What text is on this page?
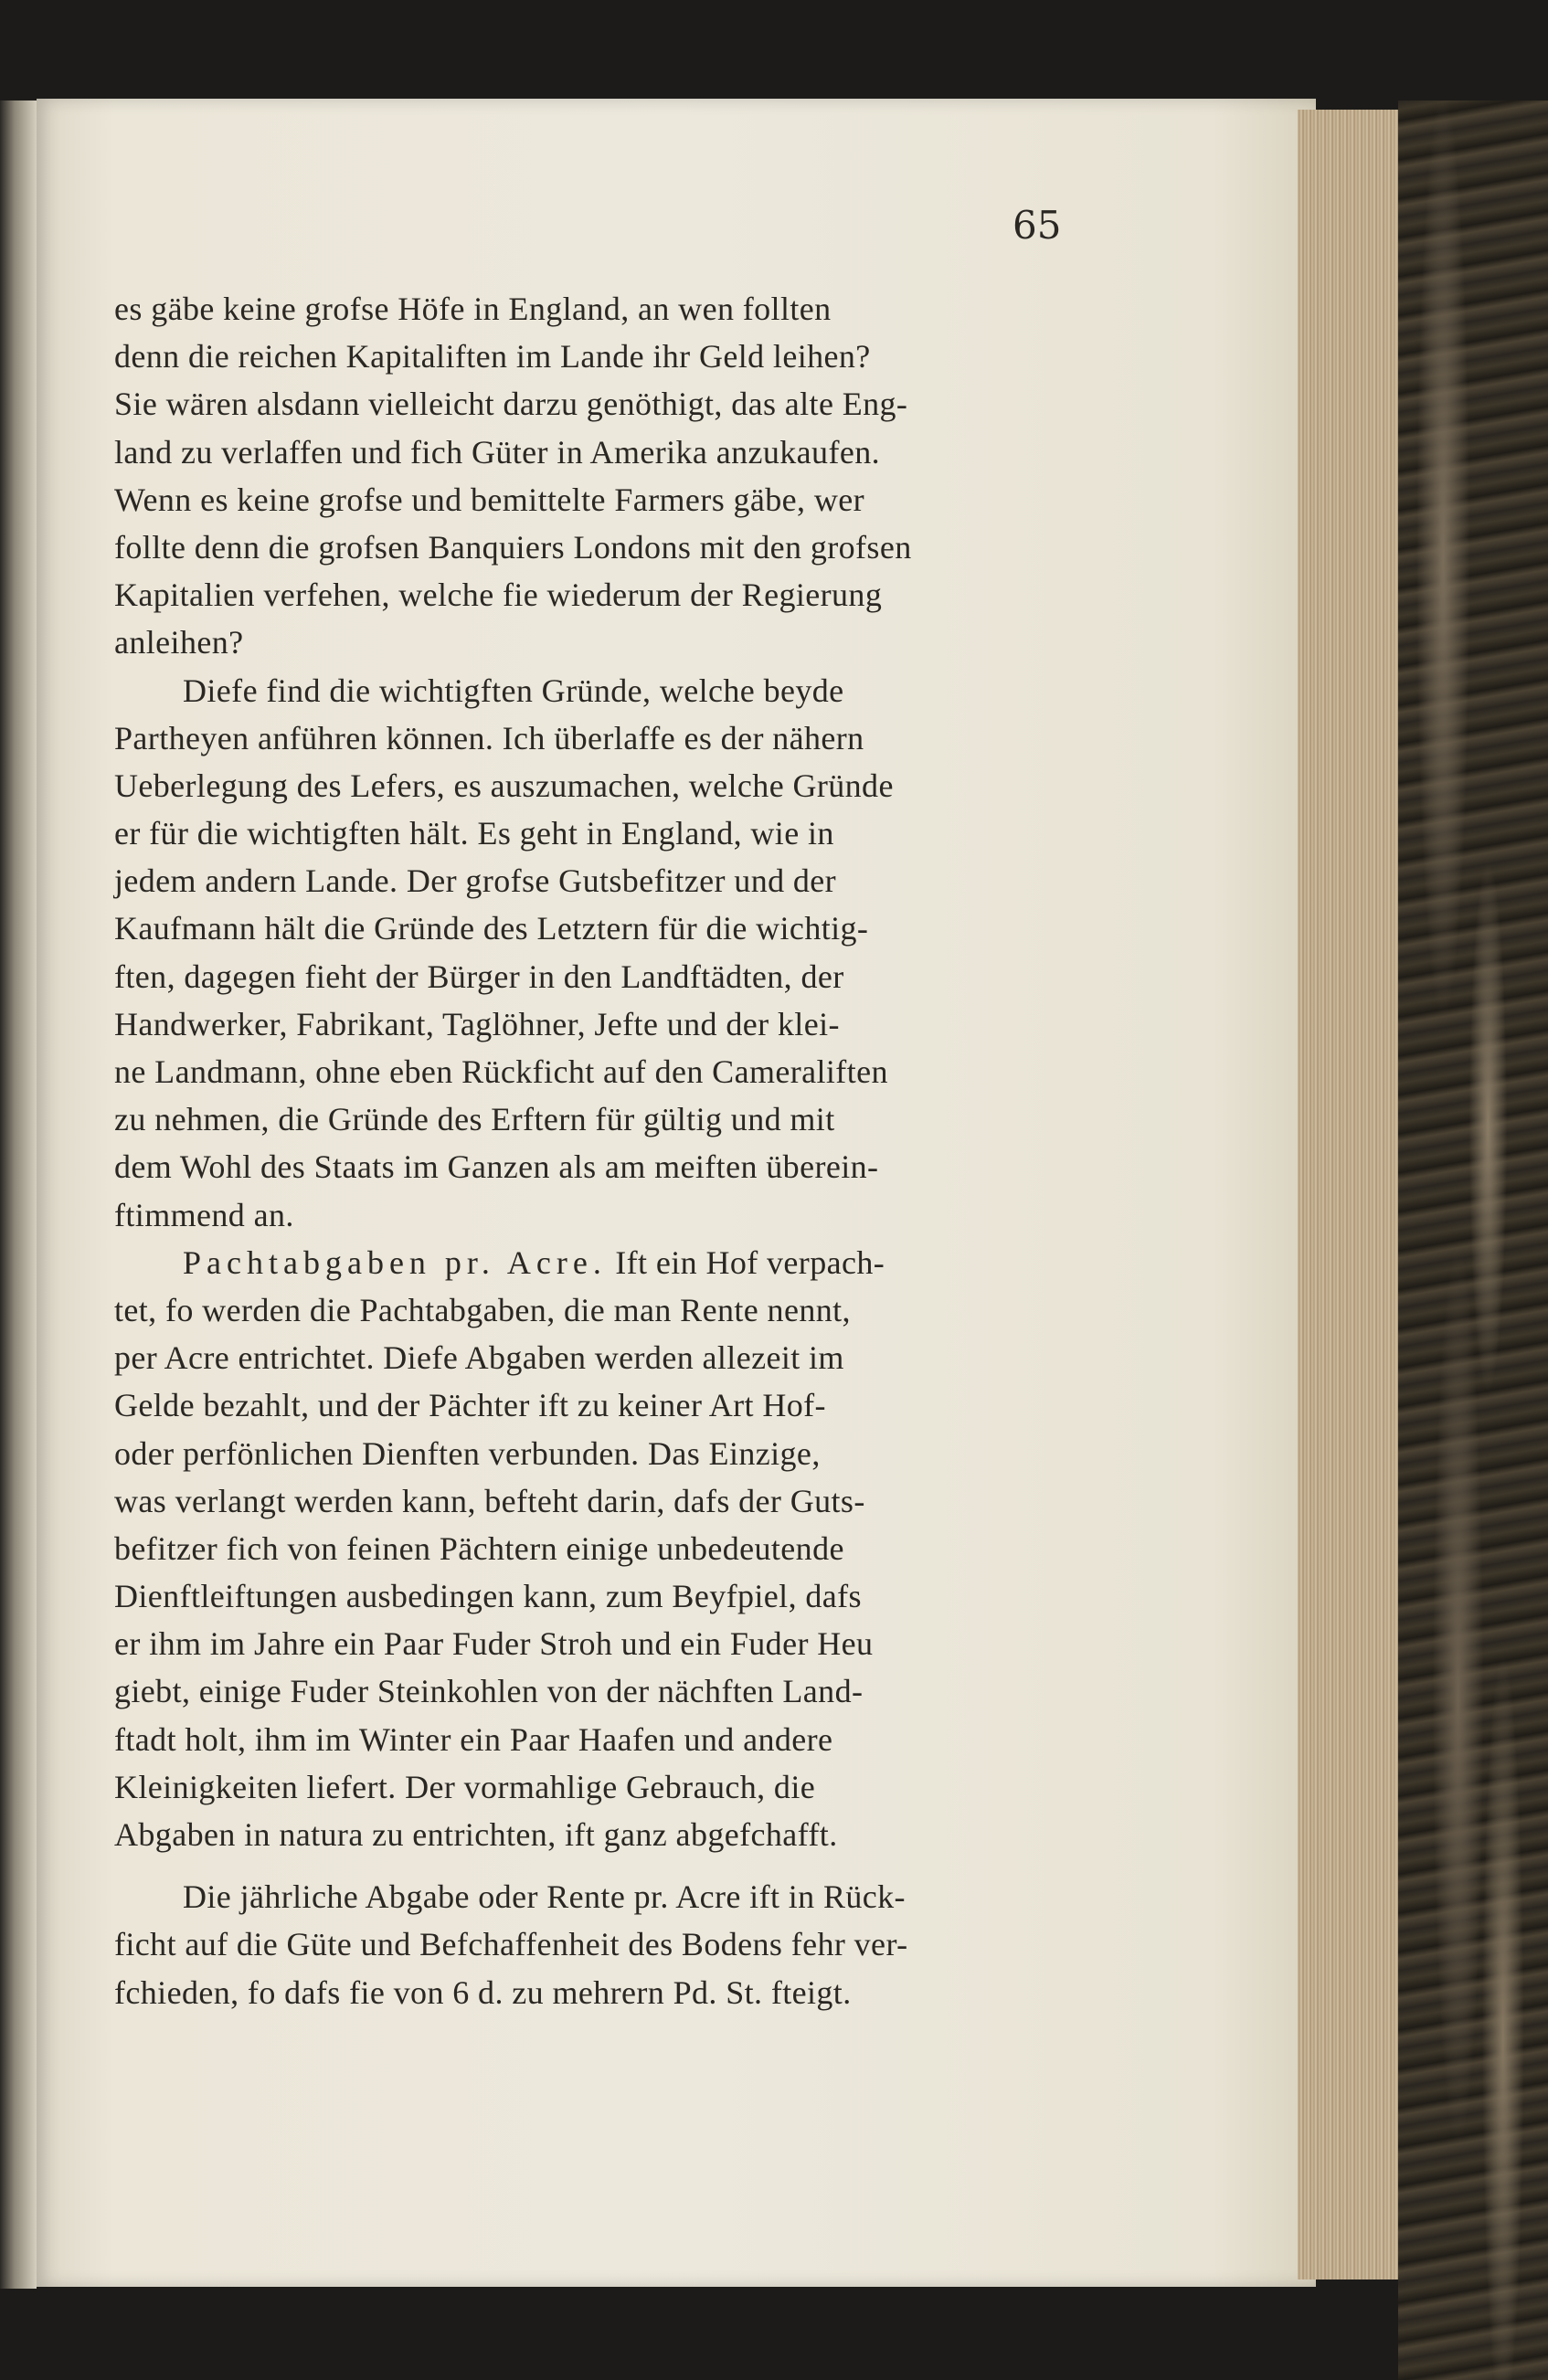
65

es gäbe keine grofse Höfe in England, an wen follten
denn die reichen Kapitaliften im Lande ihr Geld leihen?
Sie wären alsdann vielleicht darzu genöthigt, das alte Eng-
land zu verlaffen und fich Güter in Amerika anzukaufen.
Wenn es keine grofse und bemittelte Farmers gäbe, wer
follte denn die grofsen Banquiers Londons mit den grofsen
Kapitalien verfehen, welche fie wiederum der Regierung
anleihen?
Diefe find die wichtigften Gründe, welche beyde
Partheyen anführen können. Ich überlaffe es der nähern
Ueberlegung des Lefers, es auszumachen, welche Gründe
er für die wichtigften hält. Es geht in England, wie in
jedem andern Lande. Der grofse Gutsbefitzer und der
Kaufmann hält die Gründe des Letztern für die wichtig-
ften, dagegen fieht der Bürger in den Landftädten, der
Handwerker, Fabrikant, Taglöhner, Jefte und der klei-
ne Landmann, ohne eben Rückficht auf den Cameraliften
zu nehmen, die Gründe des Erftern für gültig und mit
dem Wohl des Staats im Ganzen als am meiften überein-
ftimmend an.
Pachtabgaben pr. Acre. Ift ein Hof verpach-
tet, fo werden die Pachtabgaben, die man Rente nennt,
per Acre entrichtet. Diefe Abgaben werden allezeit im
Gelde bezahlt, und der Pächter ift zu keiner Art Hof-
oder perfönlichen Dienften verbunden. Das Einzige,
was verlangt werden kann, befteht darin, dafs der Guts-
befitzer fich von feinen Pächtern einige unbedeutende
Dienftleiftungen ausbedingen kann, zum Beyfpiel, dafs
er ihm im Jahre ein Paar Fuder Stroh und ein Fuder Heu
giebt, einige Fuder Steinkohlen von der nächften Land-
ftadt holt, ihm im Winter ein Paar Haafen und andere
Kleinigkeiten liefert. Der vormahlige Gebrauch, die
Abgaben in natura zu entrichten, ift ganz abgefchafft.
Die jährliche Abgabe oder Rente pr. Acre ift in Rück-
ficht auf die Güte und Befchaffenheit des Bodens fehr ver-
fchieden, fo dafs fie von 6 d. zu mehrern Pd. St. fteigt.
